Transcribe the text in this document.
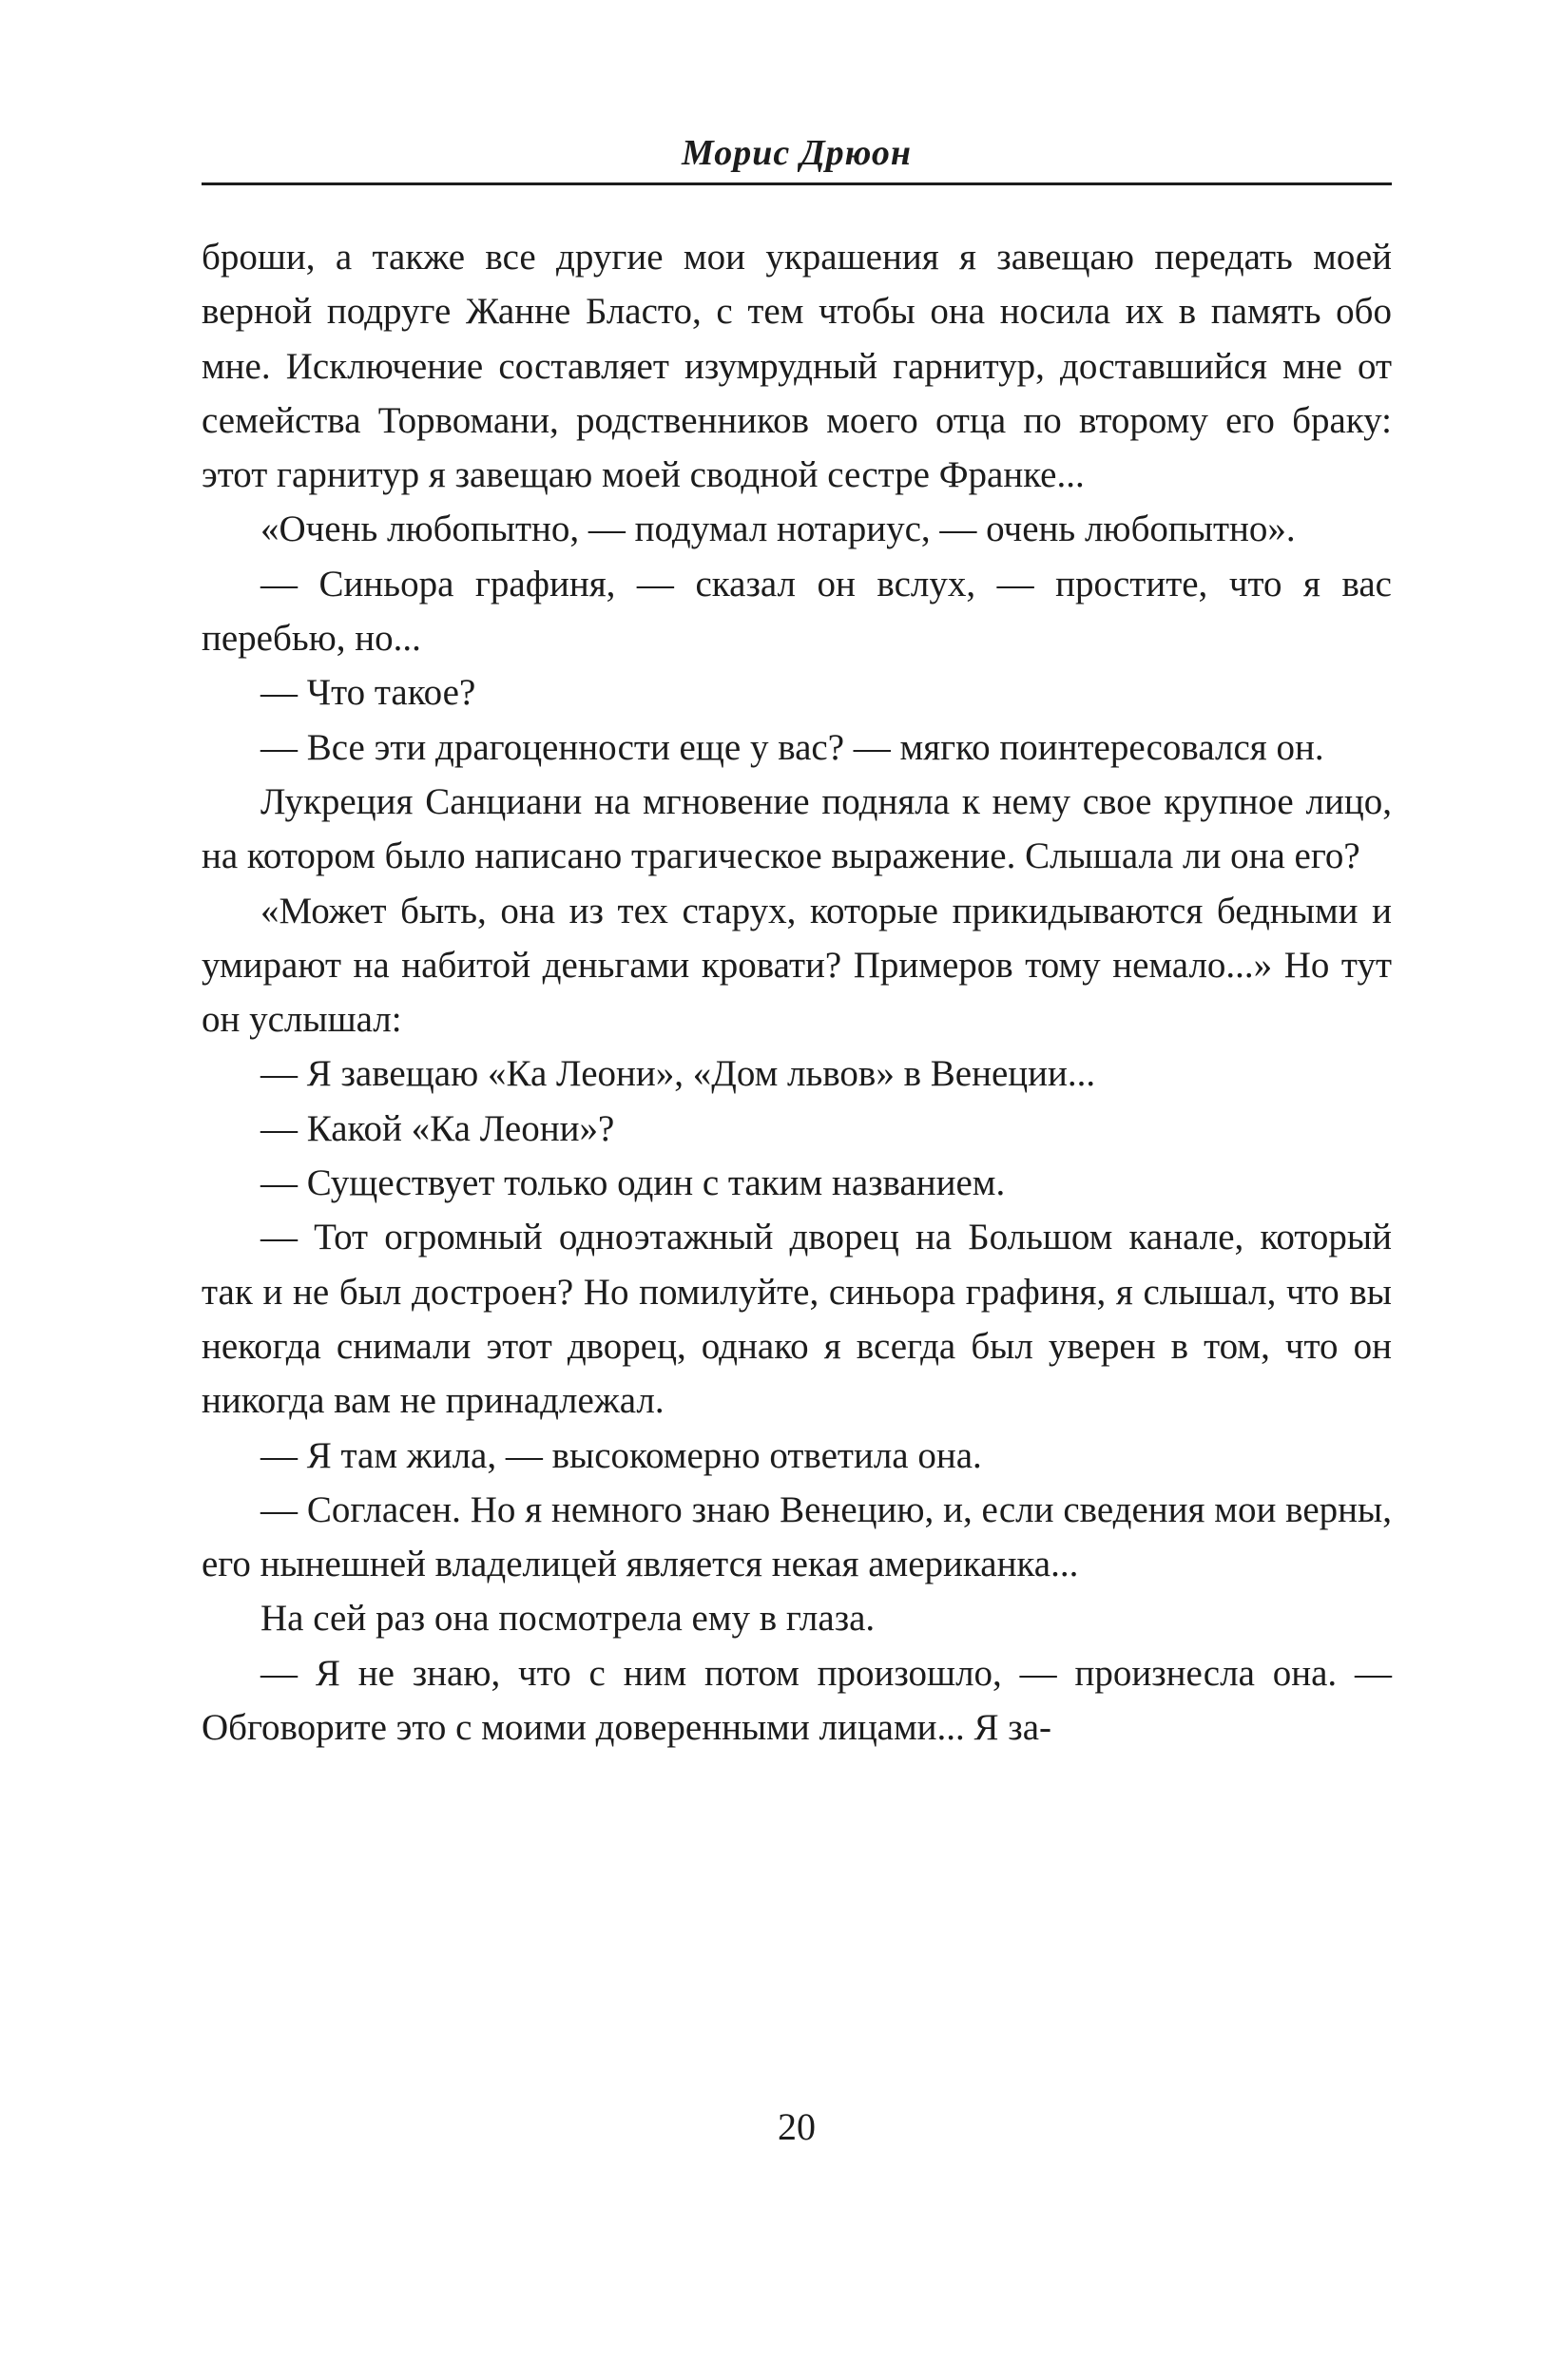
Морис Дрюон

броши, а также все другие мои украшения я завещаю передать моей верной подруге Жанне Бласто, с тем чтобы она носила их в память обо мне. Исключение составляет изумрудный гарнитур, доставшийся мне от семейства Торвомани, родственников моего отца по второму его браку: этот гарнитур я завещаю моей сводной сестре Франке...

«Очень любопытно, — подумал нотариус, — очень любопытно».

— Синьора графиня, — сказал он вслух, — простите, что я вас перебью, но...

— Что такое?

— Все эти драгоценности еще у вас? — мягко поинтересовался он.

Лукреция Санциани на мгновение подняла к нему свое крупное лицо, на котором было написано трагическое выражение. Слышала ли она его?

«Может быть, она из тех старух, которые прикидываются бедными и умирают на набитой деньгами кровати? Примеров тому немало...» Но тут он услышал:

— Я завещаю «Ка Леони», «Дом львов» в Венеции...

— Какой «Ка Леони»?

— Существует только один с таким названием.

— Тот огромный одноэтажный дворец на Большом канале, который так и не был достроен? Но помилуйте, синьора графиня, я слышал, что вы некогда снимали этот дворец, однако я всегда был уверен в том, что он никогда вам не принадлежал.

— Я там жила, — высокомерно ответила она.

— Согласен. Но я немного знаю Венецию, и, если сведения мои верны, его нынешней владелицей является некая американка...

На сей раз она посмотрела ему в глаза.

— Я не знаю, что с ним потом произошло, — произнесла она. — Обговорите это с моими доверенными лицами... Я за-

20
